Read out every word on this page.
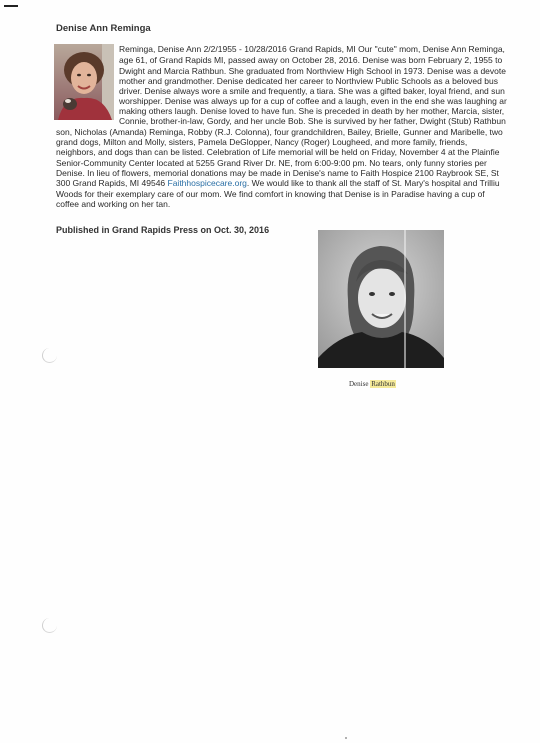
Denise Ann Reminga
Reminga, Denise Ann 2/2/1955 - 10/28/2016 Grand Rapids, MI Our "cute" mom, Denise Ann Reminga,
age 61, of Grand Rapids MI, passed away on October 28, 2016. Denise was born February 2, 1955 to
Dwight and Marcia Rathbun. She graduated from Northview High School in 1973. Denise was a devote
mother and grandmother. Denise dedicated her career to Northview Public Schools as a beloved bus
driver. Denise always wore a smile and frequently, a tiara. She was a gifted baker, loyal friend, and sun
worshipper. Denise was always up for a cup of coffee and a laugh, even in the end she was laughing ar
making others laugh. Denise loved to have fun. She is preceded in death by her mother, Marcia, sister,
Connie, brother-in-law, Gordy, and her uncle Bob. She is survived by her father, Dwight (Stub) Rathbun
son, Nicholas (Amanda) Reminga, Robby (R.J. Colonna), four grandchildren, Bailey, Brielle, Gunner and Maribelle, two
grand dogs, Milton and Molly, sisters, Pamela DeGlopper, Nancy (Roger) Lougheed, and more family, friends,
neighbors, and dogs than can be listed. Celebration of Life memorial will be held on Friday, November 4 at the Plainfie
Senior-Community Center located at 5255 Grand River Dr. NE, from 6:00-9:00 pm. No tears, only funny stories per
Denise. In lieu of flowers, memorial donations may be made in Denise's name to Faith Hospice 2100 Raybrook SE, St
300 Grand Rapids, MI 49546 Faithhospicecare.org. We would like to thank all the staff of St. Mary's hospital and Trilliu
Woods for their exemplary care of our mom. We find comfort in knowing that Denise is in Paradise having a cup of
coffee and working on her tan.
Published in Grand Rapids Press on Oct. 30, 2016
Denise Rathbun
